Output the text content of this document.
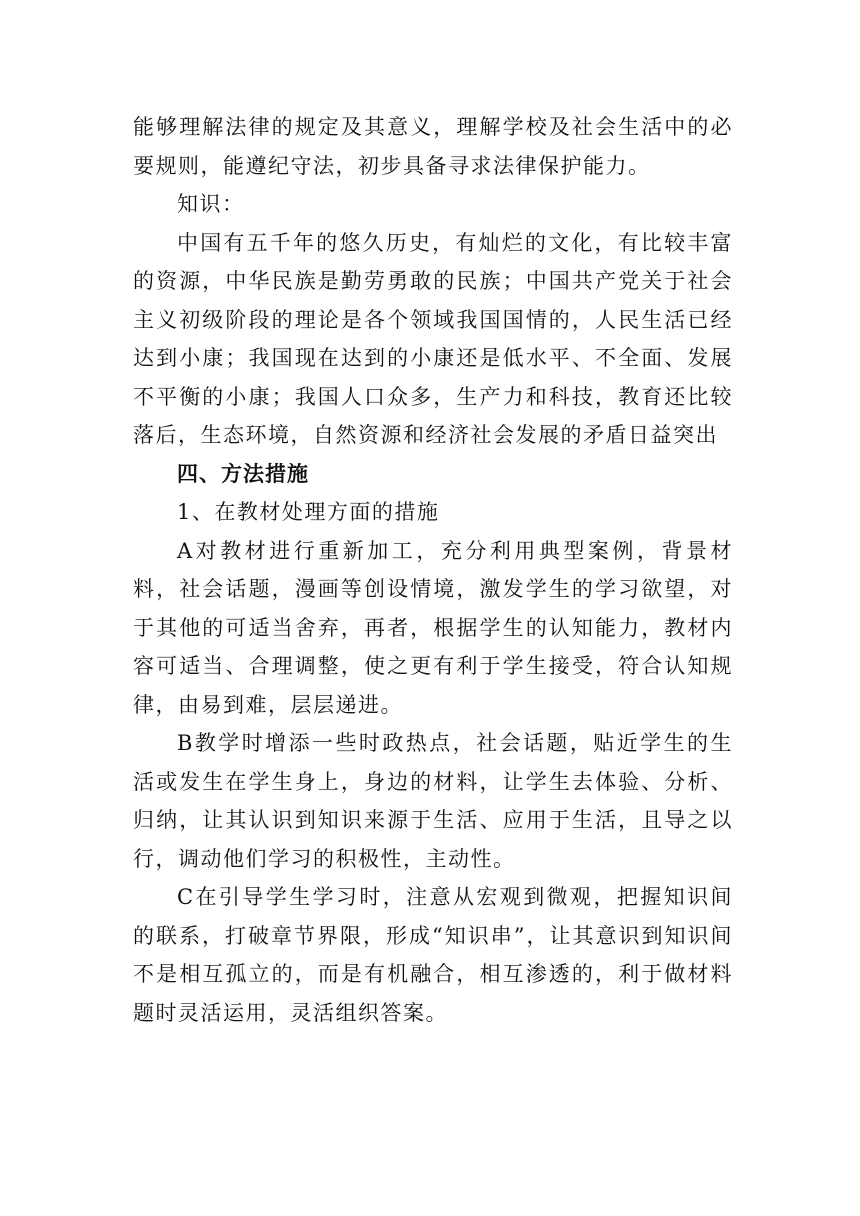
能够理解法律的规定及其意义，理解学校及社会生活中的必要规则，能遵纪守法，初步具备寻求法律保护能力。

知识：

中国有五千年的悠久历史，有灿烂的文化，有比较丰富的资源，中华民族是勤劳勇敢的民族；中国共产党关于社会主义初级阶段的理论是各个领域我国国情的，人民生活已经达到小康；我国现在达到的小康还是低水平、不全面、发展不平衡的小康；我国人口众多，生产力和科技，教育还比较落后，生态环境，自然资源和经济社会发展的矛盾日益突出

四、方法措施

1、在教材处理方面的措施

A对教材进行重新加工，充分利用典型案例，背景材料，社会话题，漫画等创设情境，激发学生的学习欲望，对于其他的可适当舍弃，再者，根据学生的认知能力，教材内容可适当、合理调整，使之更有利于学生接受，符合认知规律，由易到难，层层递进。

B教学时增添一些时政热点，社会话题，贴近学生的生活或发生在学生身上，身边的材料，让学生去体验、分析、归纳，让其认识到知识来源于生活、应用于生活，且导之以行，调动他们学习的积极性，主动性。

C在引导学生学习时，注意从宏观到微观，把握知识间的联系，打破章节界限，形成“知识串”，让其意识到知识间不是相互孤立的，而是有机融合，相互渗透的，利于做材料题时灵活运用，灵活组织答案。
